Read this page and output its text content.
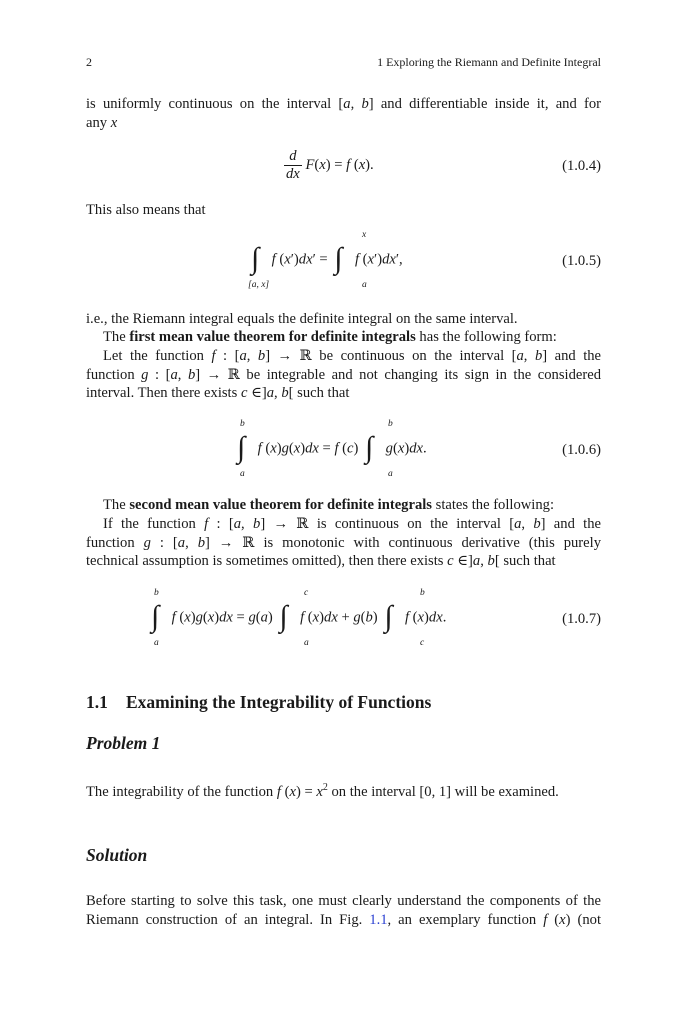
2	1 Exploring the Riemann and Definite Integral
is uniformly continuous on the interval [a, b] and differentiable inside it, and for
any x
$\frac{d}{dx} F(x) = f$ (x).	(1.0.4)
This also means that
∫ f (x′)dx′ = ∫ f (x′)dx′,
[a, x]
x
a
(1.0.5)
i.e., the Riemann integral equals the definite integral on the same interval.
The first mean value theorem for definite integrals has the following form:
Let the function f : [a, b] → ℝ be continuous on the interval [a, b] and the
function g : [a, b] → ℝ be integrable and not changing its sign in the considered
interval. Then there exists c ∈]a, b[ such that
∫ f (x)g(x)dx = f (c) ∫ g(x)dx.
b
a
b
a
(1.0.6)
The second mean value theorem for definite integrals states the following:
If the function f : [a, b] → ℝ is continuous on the interval [a, b] and the
function g : [a, b] → ℝ is monotonic with continuous derivative (this purely
technical assumption is sometimes omitted), then there exists c ∈]a, b[ such that
∫ f (x)g(x)dx = g(a) ∫ f (x)dx + g(b) ∫ f (x)dx.
b
a
c
a
b
c
(1.0.7)
1.1 Examining the Integrability of Functions
Problem 1
The integrability of the function f $(x) = x^2$ on the interval [0, 1] will be examined.
Solution
Before starting to solve this task, one must clearly understand the components of the
Riemann construction of an integral. In Fig. 1.1, an exemplary function f (x) (not
